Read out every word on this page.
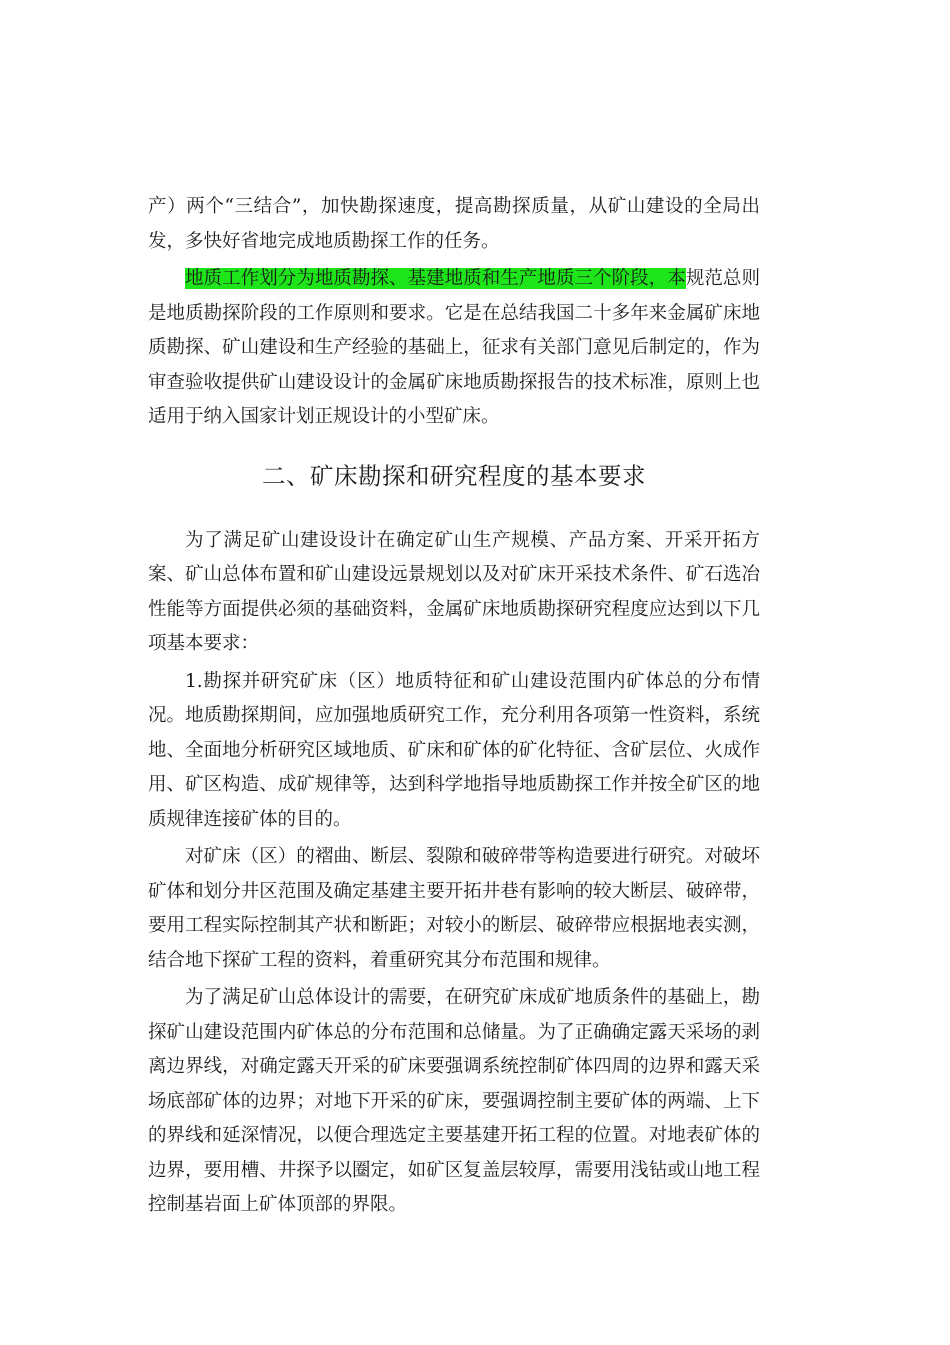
产）两个“三结合”，加快勘探速度，提高勘探质量，从矿山建设的全局出发，多快好省地完成地质勘探工作的任务。

地质工作划分为地质勘探、基建地质和生产地质三个阶段，本规范总则是地质勘探阶段的工作原则和要求。它是在总结我国二十多年来金属矿床地质勘探、矿山建设和生产经验的基础上，征求有关部门意见后制定的，作为审查验收提供矿山建设设计的金属矿床地质勘探报告的技术标准，原则上也适用于纳入国家计划正规设计的小型矿床。

二、矿床勘探和研究程度的基本要求

为了满足矿山建设设计在确定矿山生产规模、产品方案、开采开拓方案、矿山总体布置和矿山建设远景规划以及对矿床开采技术条件、矿石选冶性能等方面提供必须的基础资料，金属矿床地质勘探研究程度应达到以下几项基本要求：

1.勘探并研究矿床（区）地质特征和矿山建设范围内矿体总的分布情况。地质勘探期间，应加强地质研究工作，充分利用各项第一性资料，系统地、全面地分析研究区域地质、矿床和矿体的矿化特征、含矿层位、火成作用、矿区构造、成矿规律等，达到科学地指导地质勘探工作并按全矿区的地质规律连接矿体的目的。

对矿床（区）的褶曲、断层、裂隙和破碎带等构造要进行研究。对破坏矿体和划分井区范围及确定基建主要开拓井巷有影响的较大断层、破碎带，要用工程实际控制其产状和断距；对较小的断层、破碎带应根据地表实测，结合地下探矿工程的资料，着重研究其分布范围和规律。

为了满足矿山总体设计的需要，在研究矿床成矿地质条件的基础上，勘探矿山建设范围内矿体总的分布范围和总储量。为了正确确定露天采场的剥离边界线，对确定露天开采的矿床要强调系统控制矿体四周的边界和露天采场底部矿体的边界；对地下开采的矿床，要强调控制主要矿体的两端、上下的界线和延深情况，以便合理选定主要基建开拓工程的位置。对地表矿体的边界，要用槽、井探予以圈定，如矿区复盖层较厚，需要用浅钻或山地工程控制基岩面上矿体顶部的界限。
